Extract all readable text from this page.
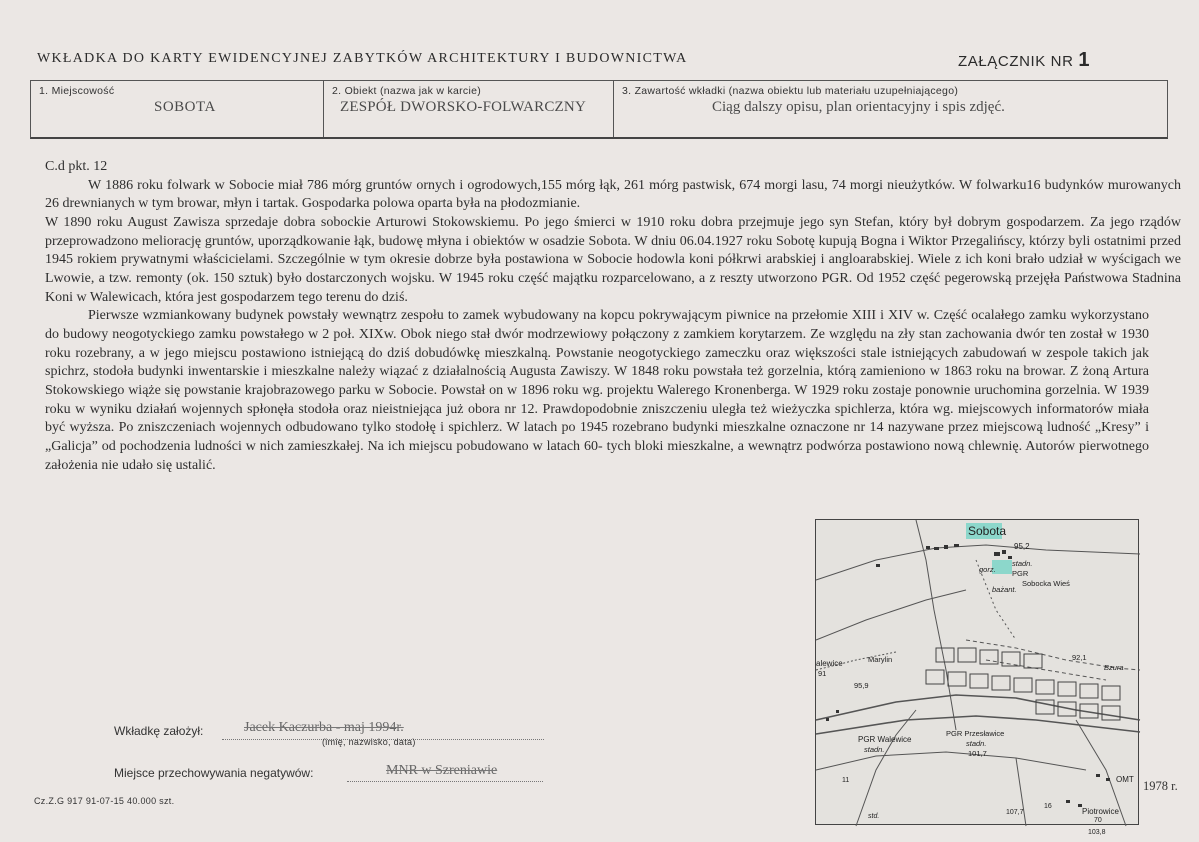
WKŁADKA DO KARTY EWIDENCYJNEJ ZABYTKÓW ARCHITEKTURY I BUDOWNICTWA	ZAŁĄCZNIK NR 1
1. Miejscowość
SOBOTA
2. Obiekt (nazwa jak w karcie)
ZESPÓŁ DWORSKO-FOLWARCZNY
3. Zawartość wkładki (nazwa obiektu lub materiału uzupełniającego)
Ciąg dalszy opisu, plan orientacyjny i spis zdjęć.

C.d pkt. 12

W 1886 roku folwark w Sobocie miał 786 mórg gruntów ornych i ogrodowych,155 mórg łąk, 261 mórg pastwisk, 674 morgi lasu, 74 morgi nieużytków. W folwarku16 budynków murowanych 26 drewnianych w tym browar, młyn i tartak. Gospodarka polowa oparta była na płodozmianie.

W 1890 roku August Zawisza sprzedaje dobra sobockie Arturowi Stokowskiemu. Po jego śmierci w 1910 roku dobra przejmuje jego syn Stefan, który był dobrym gospodarzem. Za jego rządów przeprowadzono meliorację gruntów, uporządkowanie łąk, budowę młyna i obiektów w osadzie Sobota. W dniu 06.04.1927 roku Sobotę kupują Bogna i Wiktor Przegalińscy, którzy byli ostatnimi przed 1945 rokiem prywatnymi właścicielami. Szczególnie w tym okresie dobrze była postawiona w Sobocie hodowla koni półkrwi arabskiej i angloarabskiej. Wiele z ich koni brało udział w wyścigach we Lwowie, a tzw. remonty (ok. 150 sztuk) było dostarczonych wojsku. W 1945 roku część majątku rozparcelowano, a z reszty utworzono PGR. Od 1952 część pegerowską przejęła Państwowa Stadnina Koni w Walewicach, która jest gospodarzem tego terenu do dziś.

Pierwsze wzmiankowany budynek powstały wewnątrz zespołu to zamek wybudowany na kopcu pokrywającym piwnice na przełomie XIII i XIV w. Część ocalałego zamku wykorzystano do budowy neogotyckiego zamku powstałego w 2 poł. XIXw. Obok niego stał dwór modrzewiowy połączony z zamkiem korytarzem. Ze względu na zły stan zachowania dwór ten został w 1930 roku rozebrany, a w jego miejscu postawiono istniejącą do dziś dobudówkę mieszkalną. Powstanie neogotyckiego zameczku oraz większości stale istniejących zabudowań w zespole takich jak spichrz, stodoła budynki inwentarskie i mieszkalne należy wiązać z działalnością Augusta Zawiszy. W 1848 roku powstała też gorzelnia, którą zamieniono w 1863 roku na browar. Z żoną Artura Stokowskiego wiąże się powstanie krajobrazowego parku w Sobocie. Powstał on w 1896 roku wg. projektu Walerego Kronenberga. W 1929 roku zostaje ponownie uruchomina gorzelnia. W 1939 roku w wyniku działań wojennych spłonęła stodoła oraz nieistniejąca już obora nr 12. Prawdopodobnie zniszczeniu uległa też wieżyczka spichlerza, która wg. miejscowych informatorów miała być wyższa. Po zniszczeniach wojennych odbudowano tylko stodołę i spichlerz. W latach po 1945 rozebrano budynki mieszkalne oznaczone nr 14 nazywane przez miejscową ludność „Kresy” i „Galicja” od pochodzenia ludności w nich zamieszkałej. Na ich miejscu pobudowano w latach 60- tych bloki mieszkalne, a wewnątrz podwórza postawiono nową chlewnię. Autorów pierwotnego założenia nie udało się ustalić.

Sobota
95,2
stadn.
gorz. PGR
Sobocka Wieś
bażant.
alewice	Marylin	92,1
Bzura
95,9
91
PGR Przesławice
stadn.
101,7
PGR Walewice
stadn.
OMT
Piotrowice
70
103,8
107,7
std.
11
16
1978 r.
Wkładkę założył:	Jacek Kaczurba - maj 1994r.
(imię, nazwisko, data)
Miejsce przechowywania negatywów:	MNR w Szreniawie
Cz.Z.G 917 91-07-15 40.000 szt.
